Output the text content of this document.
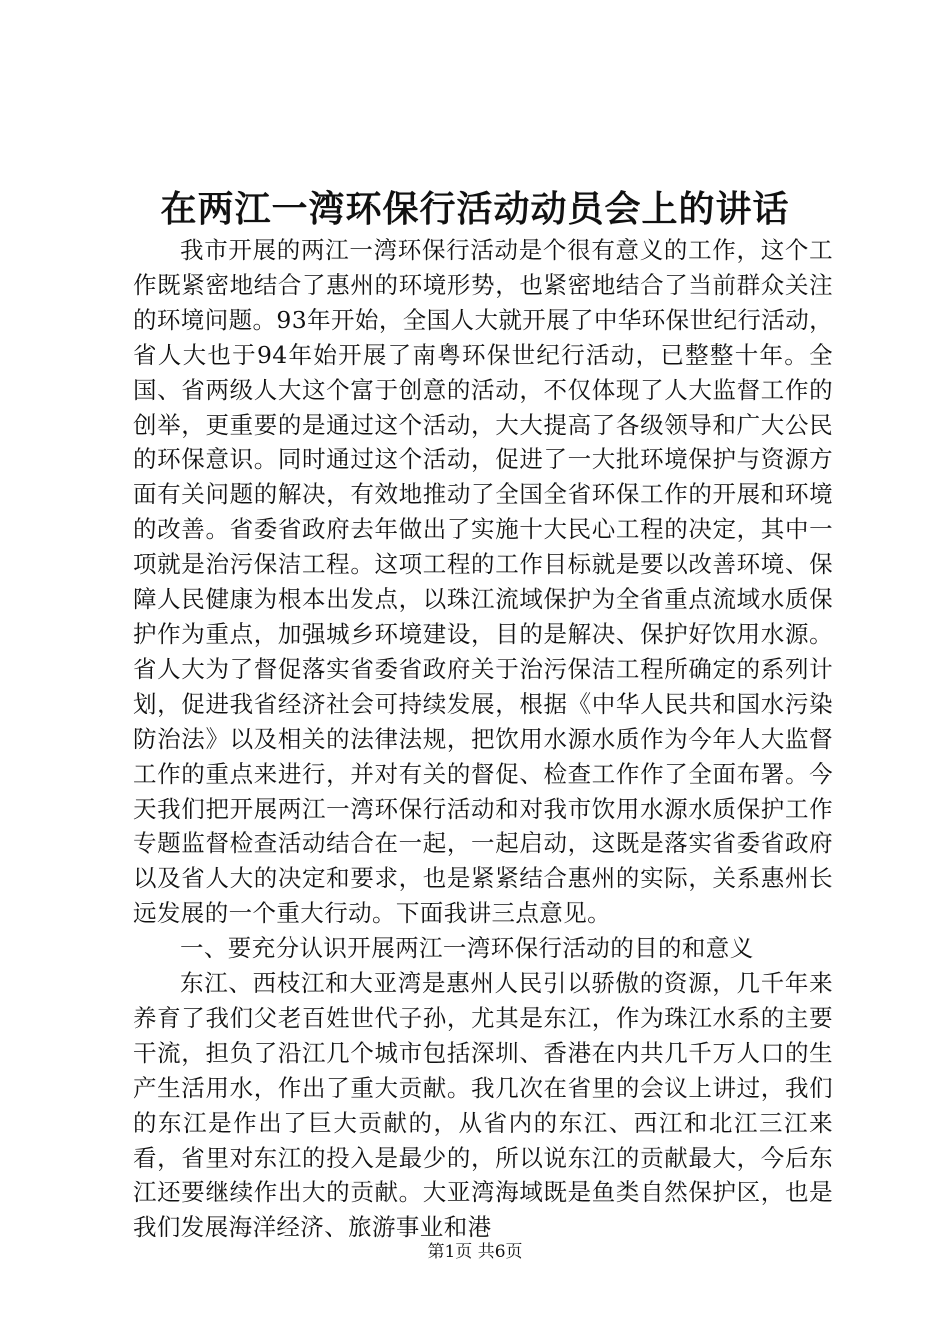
在两江一湾环保行活动动员会上的讲话

我市开展的两江一湾环保行活动是个很有意义的工作，这个工作既紧密地结合了惠州的环境形势，也紧密地结合了当前群众关注的环境问题。93年开始，全国人大就开展了中华环保世纪行活动，省人大也于94年始开展了南粤环保世纪行活动，已整整十年。全国、省两级人大这个富于创意的活动，不仅体现了人大监督工作的创举，更重要的是通过这个活动，大大提高了各级领导和广大公民的环保意识。同时通过这个活动，促进了一大批环境保护与资源方面有关问题的解决，有效地推动了全国全省环保工作的开展和环境的改善。省委省政府去年做出了实施十大民心工程的决定，其中一项就是治污保洁工程。这项工程的工作目标就是要以改善环境、保障人民健康为根本出发点，以珠江流域保护为全省重点流域水质保护作为重点，加强城乡环境建设，目的是解决、保护好饮用水源。省人大为了督促落实省委省政府关于治污保洁工程所确定的系列计划，促进我省经济社会可持续发展，根据《中华人民共和国水污染防治法》以及相关的法律法规，把饮用水源水质作为今年人大监督工作的重点来进行，并对有关的督促、检查工作作了全面布署。今天我们把开展两江一湾环保行活动和对我市饮用水源水质保护工作专题监督检查活动结合在一起，一起启动，这既是落实省委省政府以及省人大的决定和要求，也是紧紧结合惠州的实际，关系惠州长远发展的一个重大行动。下面我讲三点意见。

一、要充分认识开展两江一湾环保行活动的目的和意义

东江、西枝江和大亚湾是惠州人民引以骄傲的资源，几千年来养育了我们父老百姓世代子孙，尤其是东江，作为珠江水系的主要干流，担负了沿江几个城市包括深圳、香港在内共几千万人口的生产生活用水，作出了重大贡献。我几次在省里的会议上讲过，我们的东江是作出了巨大贡献的，从省内的东江、西江和北江三江来看，省里对东江的投入是最少的，所以说东江的贡献最大，今后东江还要继续作出大的贡献。大亚湾海域既是鱼类自然保护区，也是我们发展海洋经济、旅游事业和港

第1页 共6页
